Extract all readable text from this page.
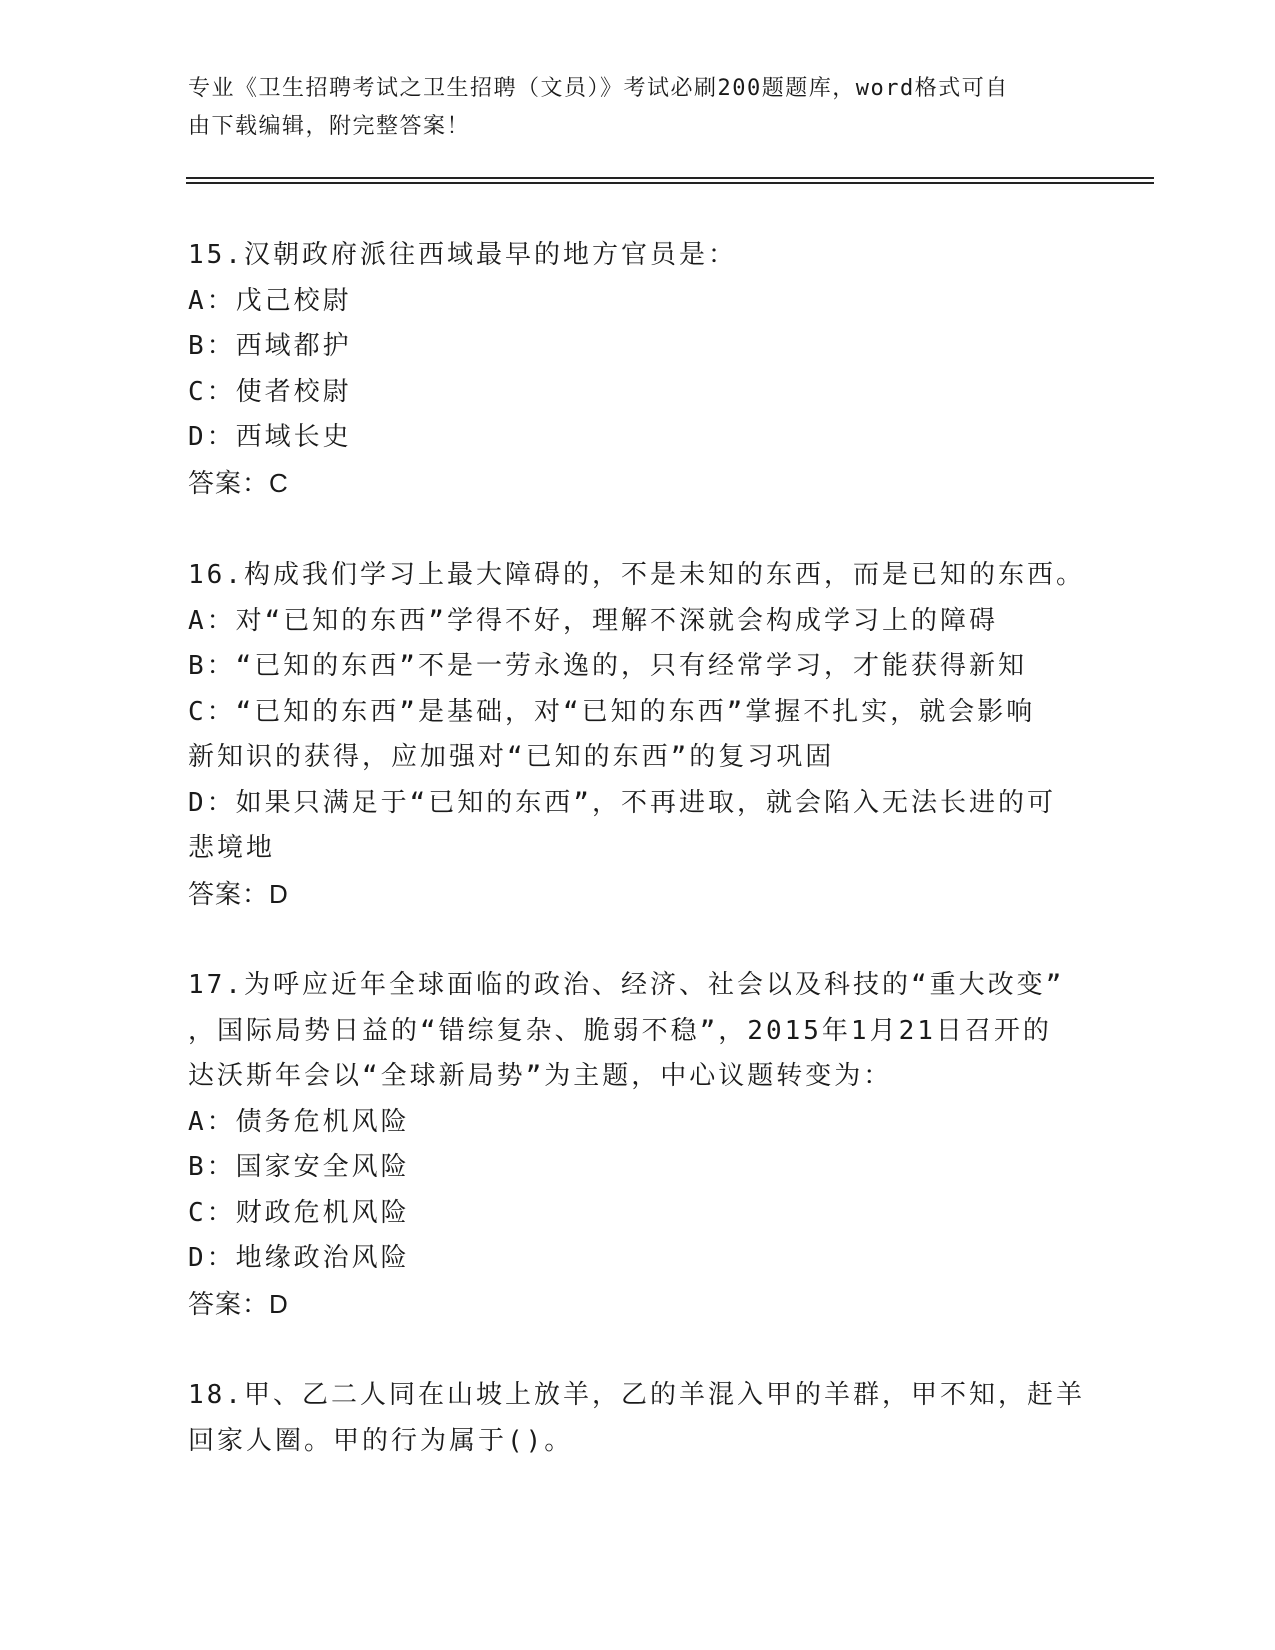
专业《卫生招聘考试之卫生招聘（文员）》考试必刷200题题库，word格式可自
由下载编辑，附完整答案！
15.汉朝政府派往西域最早的地方官员是：
A：戊己校尉
B：西域都护
C：使者校尉
D：西域长史
答案：C
16.构成我们学习上最大障碍的，不是未知的东西，而是已知的东西。
A：对“已知的东西”学得不好，理解不深就会构成学习上的障碍
B：“已知的东西”不是一劳永逸的，只有经常学习，才能获得新知
C：“已知的东西”是基础，对“已知的东西”掌握不扎实，就会影响
新知识的获得，应加强对“已知的东西”的复习巩固
D：如果只满足于“已知的东西”，不再进取，就会陷入无法长进的可
悲境地
答案：D
17.为呼应近年全球面临的政治、经济、社会以及科技的“重大改变”
，国际局势日益的“错综复杂、脆弱不稳”，2015年1月21日召开的
达沃斯年会以“全球新局势”为主题，中心议题转变为：
A：债务危机风险
B：国家安全风险
C：财政危机风险
D：地缘政治风险
答案：D
18.甲、乙二人同在山坡上放羊，乙的羊混入甲的羊群，甲不知，赶羊
回家人圈。甲的行为属于()。
